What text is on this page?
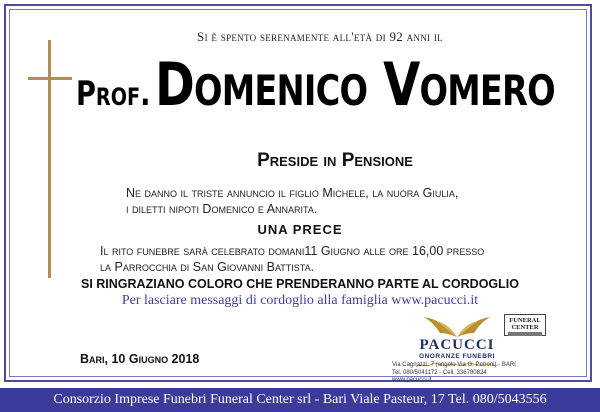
Si è spento serenamente all'età di 92 anni il
Prof. Domenico Vomero
Preside in Pensione
Ne danno il triste annuncio il figlio Michele, la nuora Giulia,
i diletti nipoti Domenico e Annarita.
UNA PRECE
Il rito funebre sarà celebrato domani11 Giugno alle ore 16,00 presso
la Parrocchia di San Giovanni Battista.
SI RINGRAZIANO COLORO CHE PRENDERANNO PARTE AL CORDOGLIO
Per lasciare messaggi di cordoglio alla famiglia www.pacucci.it
Bari, 10 Giugno 2018
PACUCCI
ONORANZE FUNEBRI
FUNERAL
CENTER
Via Cagnazzi, 7 (angolo Via G. Petroni) - BARI
Tel. 080/5041172 - Cell. 336780824
www.pacucci.it
Consorzio Imprese Funebri Funeral Center srl - Bari Viale Pasteur, 17 Tel. 080/5043556
